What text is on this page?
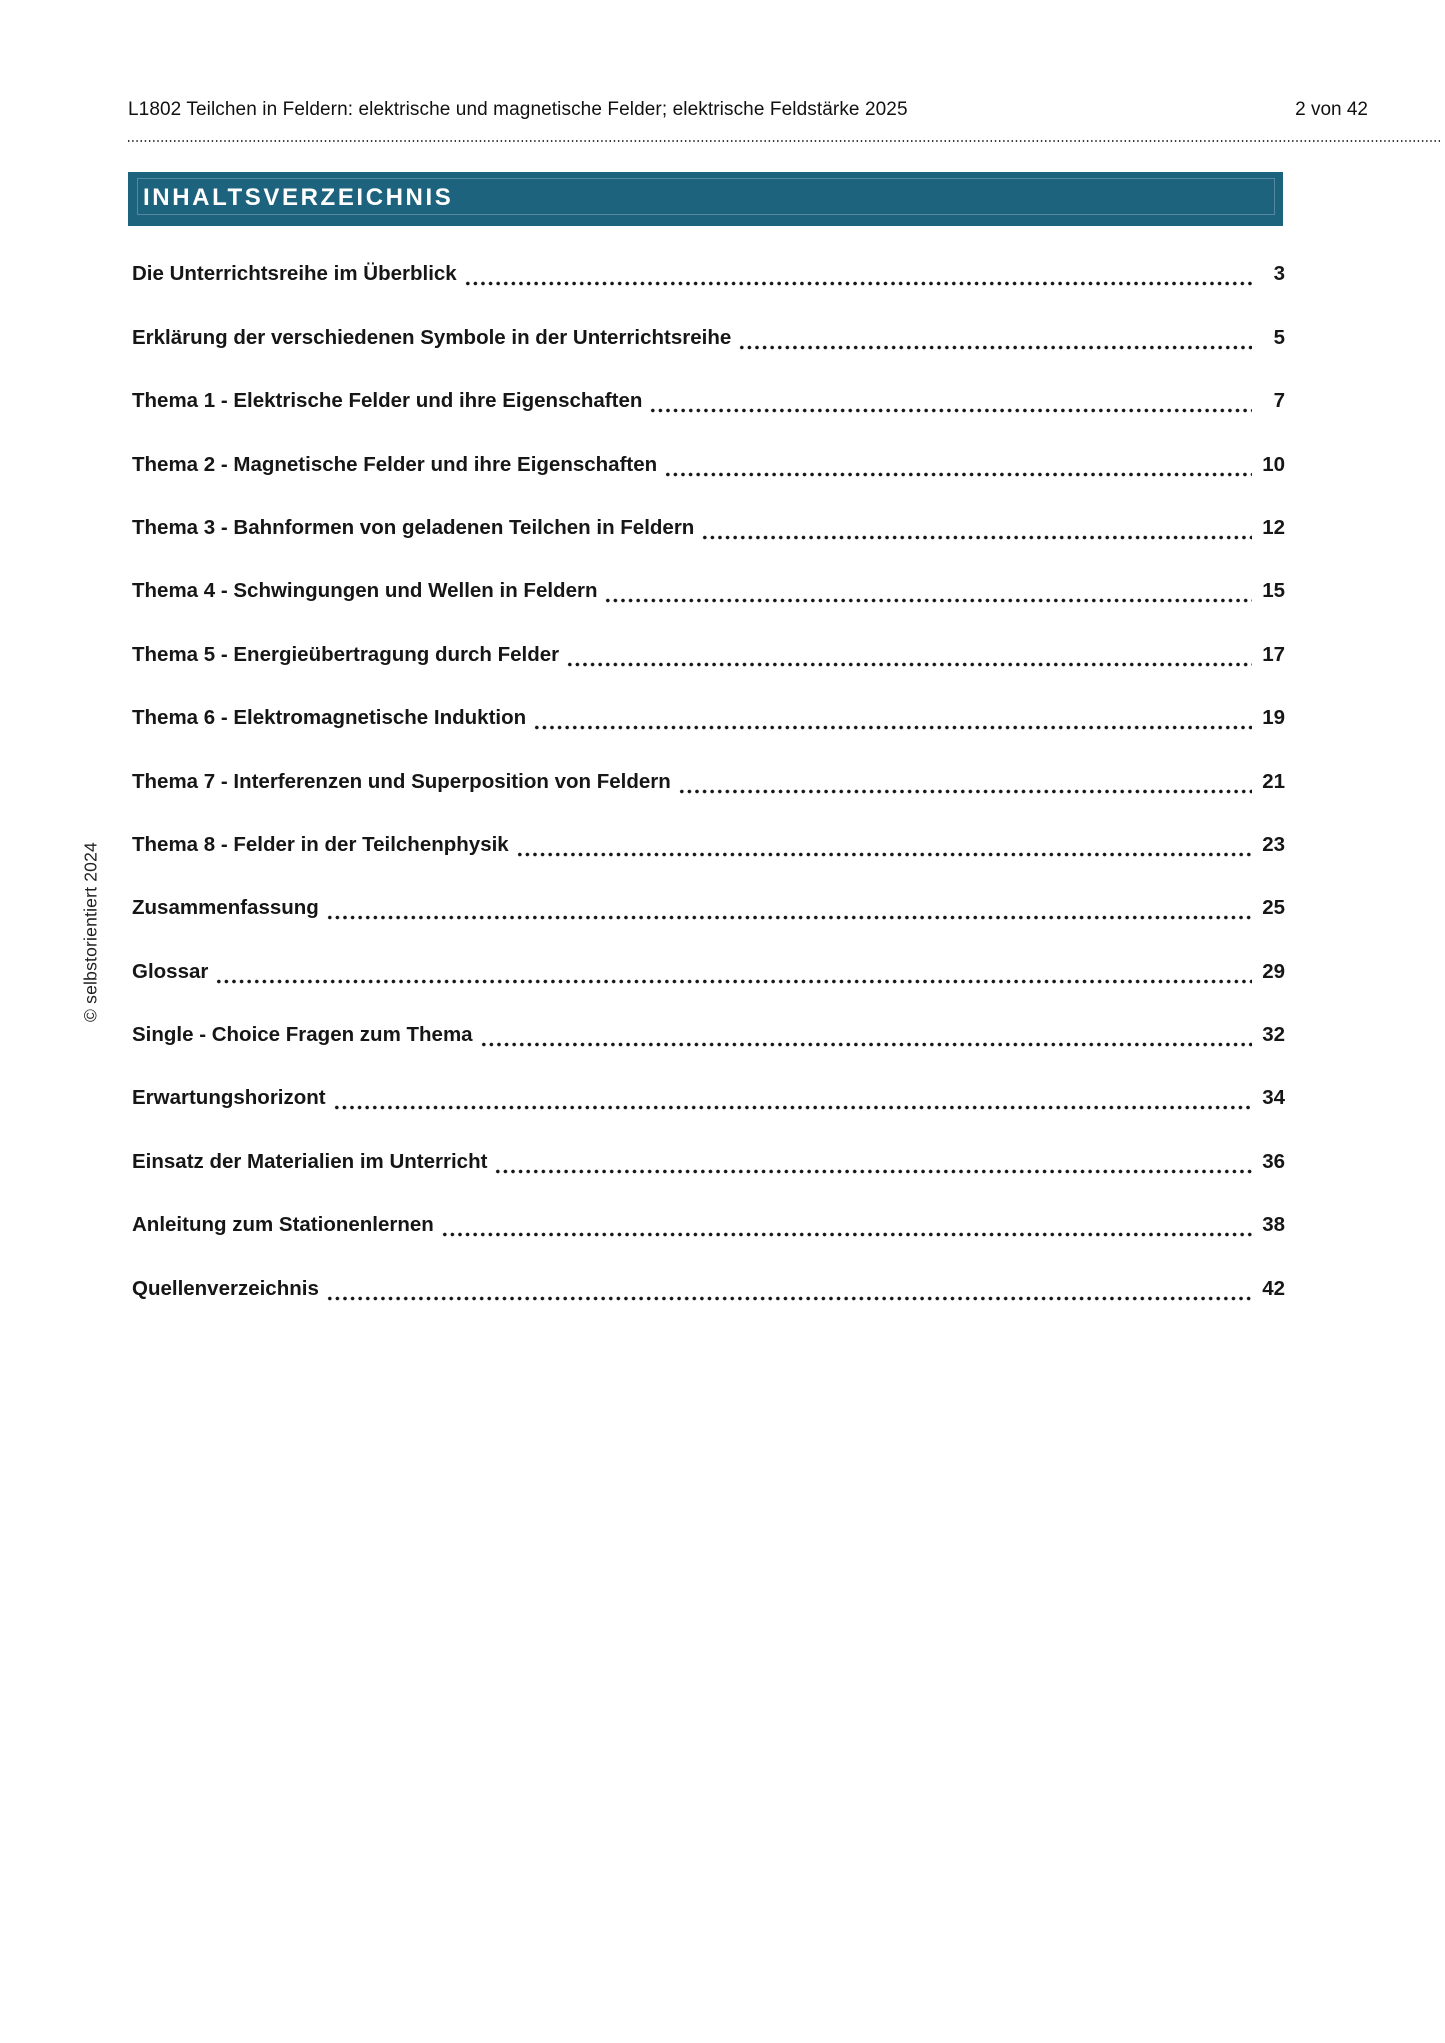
L1802 Teilchen in Feldern: elektrische und magnetische Felder; elektrische Feldstärke 2025	2 von 42
INHALTSVERZEICHNIS
Die Unterrichtsreihe im Überblick	3
Erklärung der verschiedenen Symbole in der Unterrichtsreihe	5
Thema 1 - Elektrische Felder und ihre Eigenschaften	7
Thema 2 - Magnetische Felder und ihre Eigenschaften	10
Thema 3 - Bahnformen von geladenen Teilchen in Feldern	12
Thema 4 - Schwingungen und Wellen in Feldern	15
Thema 5 - Energieübertragung durch Felder	17
Thema 6 - Elektromagnetische Induktion	19
Thema 7 - Interferenzen und Superposition von Feldern	21
Thema 8 - Felder in der Teilchenphysik	23
Zusammenfassung	25
Glossar	29
Single - Choice Fragen zum Thema	32
Erwartungshorizont	34
Einsatz der Materialien im Unterricht	36
Anleitung zum Stationenlernen	38
Quellenverzeichnis	42
© selbstorientiert 2024
